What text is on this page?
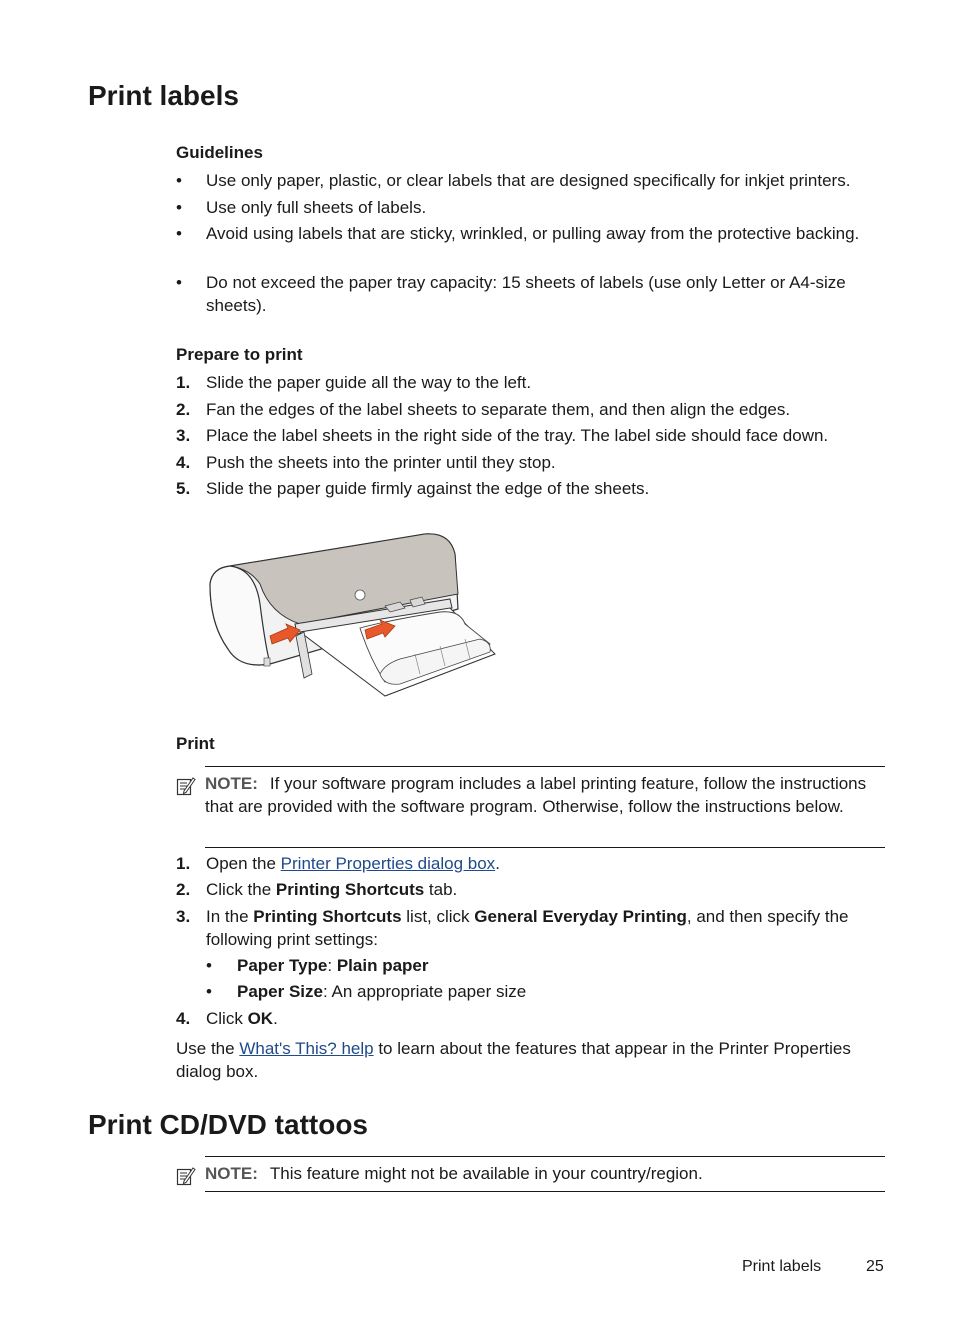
Print labels
Guidelines
•	Use only paper, plastic, or clear labels that are designed specifically for inkjet printers.
•	Use only full sheets of labels.
•	Avoid using labels that are sticky, wrinkled, or pulling away from the protective backing.
•	Do not exceed the paper tray capacity: 15 sheets of labels (use only Letter or A4-size sheets).
Prepare to print
1. Slide the paper guide all the way to the left.
2. Fan the edges of the label sheets to separate them, and then align the edges.
3. Place the label sheets in the right side of the tray. The label side should face down.
4. Push the sheets into the printer until they stop.
5. Slide the paper guide firmly against the edge of the sheets.
Print
NOTE: If your software program includes a label printing feature, follow the instructions that are provided with the software program. Otherwise, follow the instructions below.
1. Open the Printer Properties dialog box.
2. Click the Printing Shortcuts tab.
3. In the Printing Shortcuts list, click General Everyday Printing, and then specify the following print settings:
•	Paper Type: Plain paper
•	Paper Size: An appropriate paper size
4. Click OK.
Use the What's This? help to learn about the features that appear in the Printer Properties dialog box.
Print CD/DVD tattoos
NOTE: This feature might not be available in your country/region.
Print labels	25
